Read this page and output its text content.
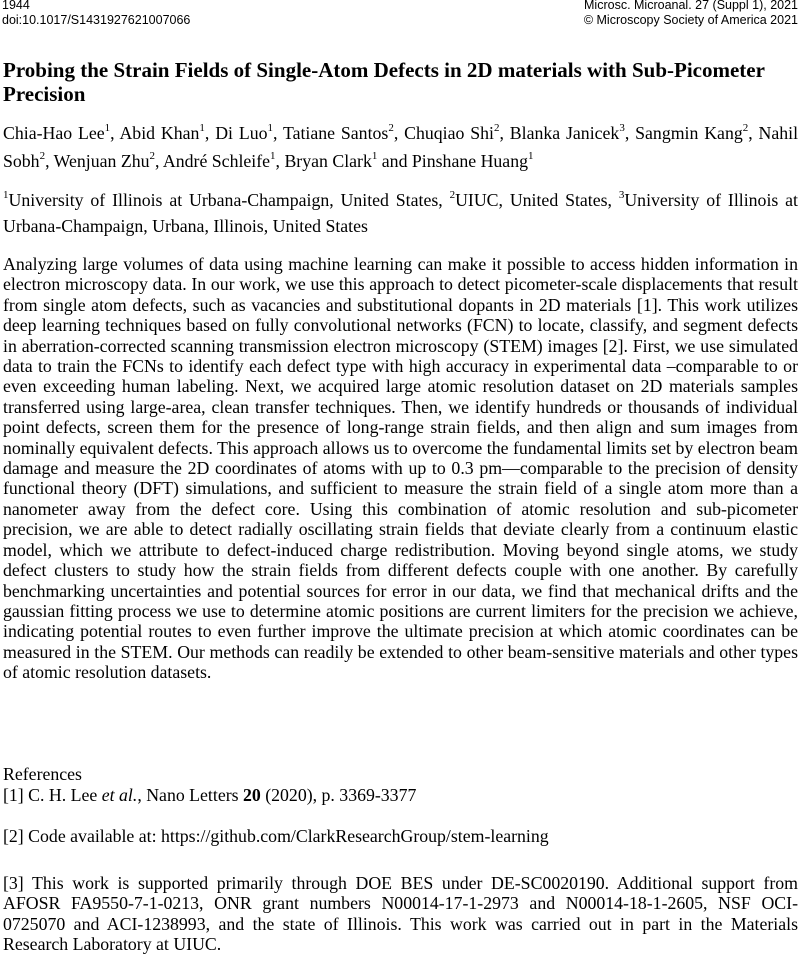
1944
doi:10.1017/S1431927621007066
Microsc. Microanal. 27 (Suppl 1), 2021
© Microscopy Society of America 2021
Probing the Strain Fields of Single-Atom Defects in 2D materials with Sub-Picometer Precision
Chia-Hao Lee$^1$, Abid Khan$^1$, Di Luo$^1$, Tatiane Santos$^2$, Chuqiao Shi$^2$, Blanka Janicek$^3$, Sangmin Kang$^2$, Nahil Sobh$^2$, Wenjuan Zhu$^2$, André Schleife$^1$, Bryan Clark$^1$ and Pinshane Huang$^1$
$^1$University of Illinois at Urbana-Champaign, United States, $^2$UIUC, United States, $^3$University of Illinois at Urbana-Champaign, Urbana, Illinois, United States

Analyzing large volumes of data using machine learning can make it possible to access hidden information in electron microscopy data. In our work, we use this approach to detect picometer-scale displacements that result from single atom defects, such as vacancies and substitutional dopants in 2D materials [1]. This work utilizes deep learning techniques based on fully convolutional networks (FCN) to locate, classify, and segment defects in aberration-corrected scanning transmission electron microscopy (STEM) images [2]. First, we use simulated data to train the FCNs to identify each defect type with high accuracy in experimental data –comparable to or even exceeding human labeling. Next, we acquired large atomic resolution dataset on 2D materials samples transferred using large-area, clean transfer techniques. Then, we identify hundreds or thousands of individual point defects, screen them for the presence of long-range strain fields, and then align and sum images from nominally equivalent defects. This approach allows us to overcome the fundamental limits set by electron beam damage and measure the 2D coordinates of atoms with up to 0.3 pm—comparable to the precision of density functional theory (DFT) simulations, and sufficient to measure the strain field of a single atom more than a nanometer away from the defect core. Using this combination of atomic resolution and sub-picometer precision, we are able to detect radially oscillating strain fields that deviate clearly from a continuum elastic model, which we attribute to defect-induced charge redistribution. Moving beyond single atoms, we study defect clusters to study how the strain fields from different defects couple with one another. By carefully benchmarking uncertainties and potential sources for error in our data, we find that mechanical drifts and the gaussian fitting process we use to determine atomic positions are current limiters for the precision we achieve, indicating potential routes to even further improve the ultimate precision at which atomic coordinates can be measured in the STEM. Our methods can readily be extended to other beam-sensitive materials and other types of atomic resolution datasets.

References
[1] C. H. Lee et al., Nano Letters 20 (2020), p. 3369-3377
[2] Code available at: https://github.com/ClarkResearchGroup/stem-learning
[3] This work is supported primarily through DOE BES under DE-SC0020190. Additional support from AFOSR FA9550-7-1-0213, ONR grant numbers N00014-17-1-2973 and N00014-18-1-2605, NSF OCI-0725070 and ACI-1238993, and the state of Illinois. This work was carried out in part in the Materials Research Laboratory at UIUC.
